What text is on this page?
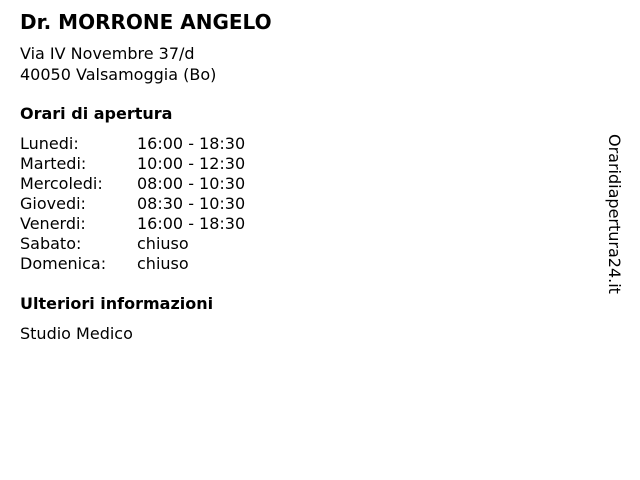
Dr. MORRONE ANGELO
Via IV Novembre 37/d
40050 Valsamoggia (Bo)
Orari di apertura
Lunedi:	16:00 - 18:30
Martedi:	10:00 - 12:30
Mercoledi: 08:00 - 10:30
Giovedi:	08:30 - 10:30
Venerdi:	16:00 - 18:30
Sabato:	chiuso
Domenica: chiuso
Ulteriori informazioni
Studio Medico
Oraridiapertura24.it
